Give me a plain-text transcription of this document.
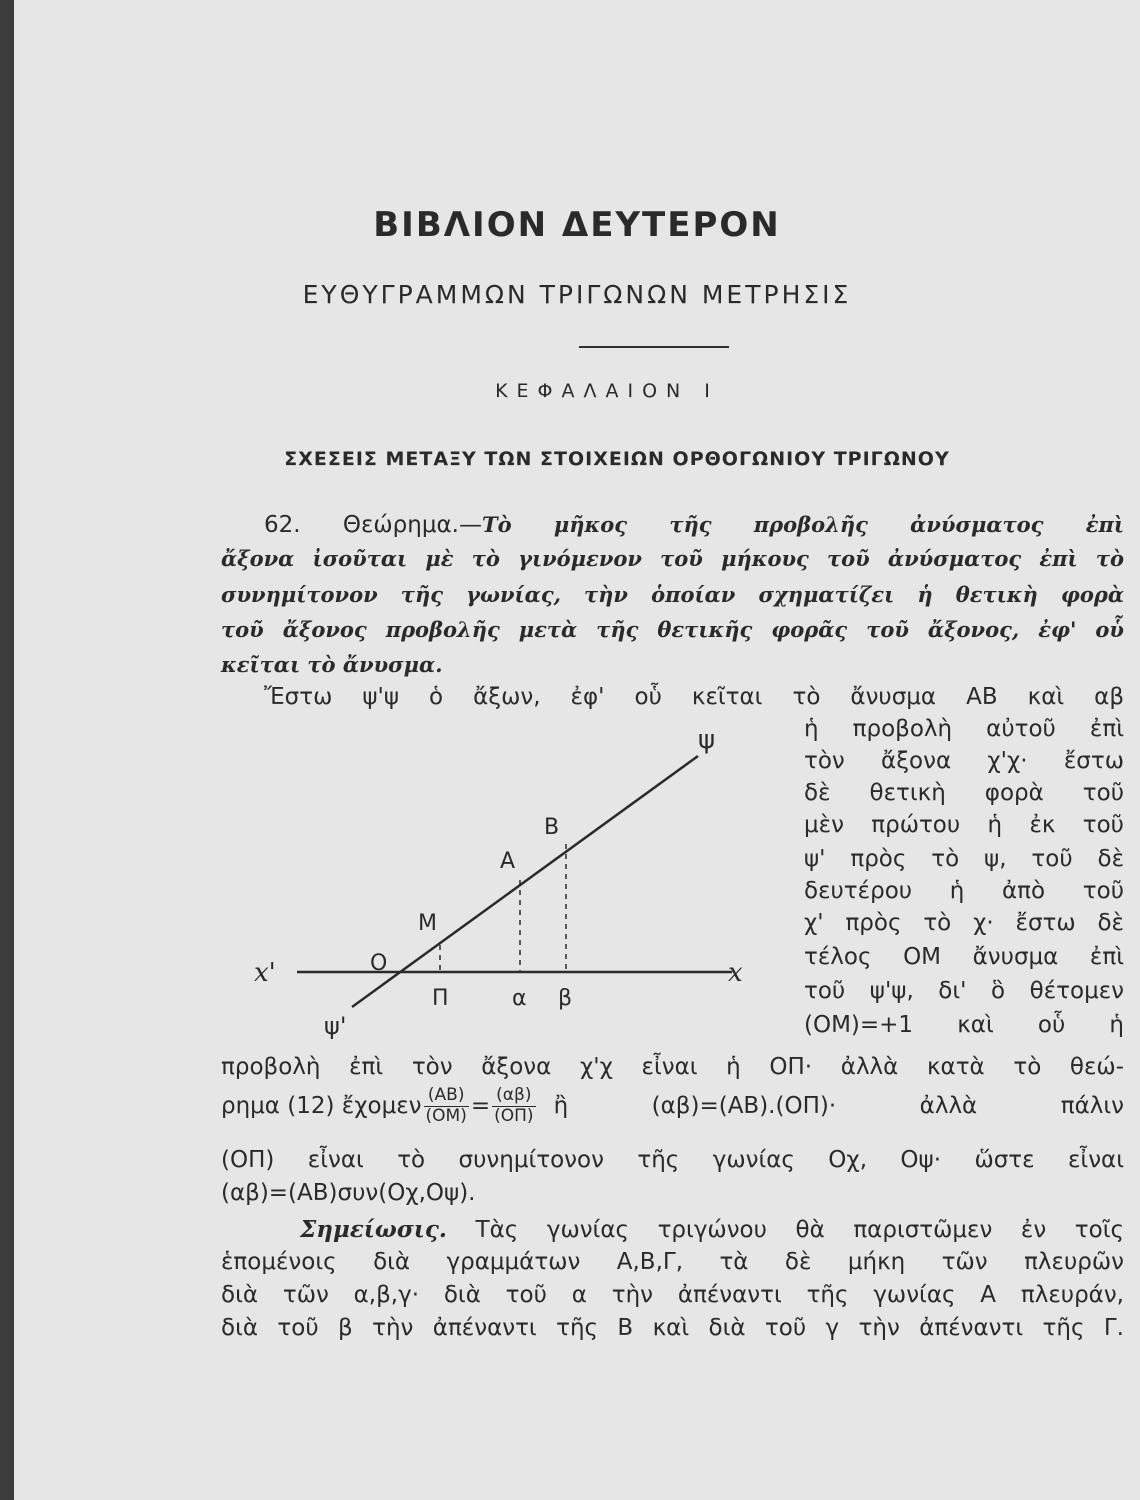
ΒΙΒΛΙΟΝ ΔΕΥΤΕΡΟΝ
ΕΥΘΥΓΡΑΜΜΩΝ ΤΡΙΓΩΝΩΝ ΜΕΤΡΗΣΙΣ
ΚΕΦΑΛΑΙΟΝ Ι
ΣΧΕΣΕΙΣ ΜΕΤΑΞΥ ΤΩΝ ΣΤΟΙΧΕΙΩΝ ΟΡΘΟΓΩΝΙΟΥ ΤΡΙΓΩΝΟΥ
62. Θεώρημα.—Τὸ μῆκος τῆς προβολῆς ἀνύσματος ἐπὶ
ἄξονα ἰσοῦται μὲ τὸ γινόμενον τοῦ μήκους τοῦ ἀνύσματος ἐπὶ τὸ
συνημίτονον τῆς γωνίας, τὴν ὁποίαν σχηματίζει ἡ θετικὴ φορὰ
τοῦ ἄξονος προβολῆς μετὰ τῆς θετικῆς φορᾶς τοῦ ἄξονος, ἐφ' οὗ
κεῖται τὸ ἄνυσμα.
Ἔστω ψ'ψ ὁ ἄξων, ἐφ' οὗ κεῖται τὸ ἄνυσμα ΑΒ καὶ αβ
ἡ προβολὴ αὐτοῦ ἐπὶ
τὸν ἄξονα χ'χ· ἔστω
δὲ θετικὴ φορὰ τοῦ
μὲν πρώτου ἡ ἐκ τοῦ
ψ' πρὸς τὸ ψ, τοῦ δὲ
δευτέρου ἡ ἀπὸ τοῦ
χ' πρὸς τὸ χ· ἔστω δὲ
τέλος ΟΜ ἄνυσμα ἐπὶ
τοῦ ψ'ψ, δι' ὃ θέτομεν
(ΟΜ)=+1 καὶ οὗ ἡ
προβολὴ ἐπὶ τὸν ἄξονα χ'χ εἶναι ἡ ΟΠ· ἀλλὰ κατὰ τὸ θεώ-
ρημα (12) ἔχομεν $\frac{(AB)}{(OM)} = \frac{(\alpha\beta)}{(O\Pi)}$ ἢ (αβ)=(ΑΒ).(ΟΠ)· ἀλλὰ πάλιν
(ΟΠ) εἶναι τὸ συνημίτονον τῆς γωνίας Οχ, Οψ· ὥστε εἶναι
(αβ)=(ΑΒ)συν(Οχ,Οψ).
Σημείωσις. Τὰς γωνίας τριγώνου θὰ παριστῶμεν ἐν τοῖς
ἑπομένοις διὰ γραμμάτων Α,Β,Γ, τὰ δὲ μήκη τῶν πλευρῶν
διὰ τῶν α,β,γ· διὰ τοῦ α τὴν ἀπέναντι τῆς γωνίας Α πλευράν,
διὰ τοῦ β τὴν ἀπέναντι τῆς Β καὶ διὰ τοῦ γ τὴν ἀπέναντι τῆς Γ.
ψ
ψ'
x
x'	O
M
A
B
Π	α β
